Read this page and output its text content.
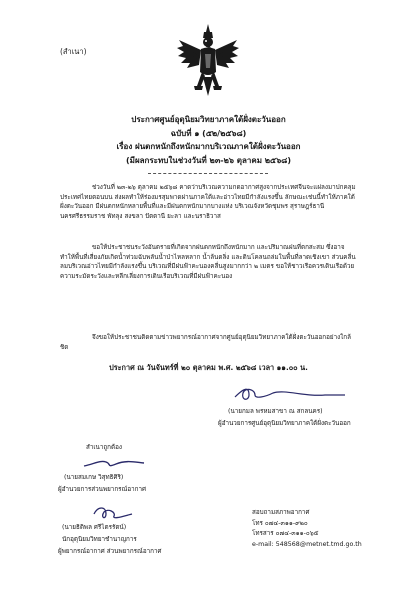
(สำเนา)
ประกาศศูนย์อุตุนิยมวิทยาภาคใต้ฝั่งตะวันออก
ฉบับที่ ๑ (๕๒/๒๕๖๘)
เรื่อง ฝนตกหนักถึงหนักมากบริเวณภาคใต้ฝั่งตะวันออก
(มีผลกระทบในช่วงวันที่ ๒๓-๒๖ ตุลาคม ๒๕๖๘)

ช่วงวันที่ ๒๓-๒๖ ตุลาคม ๒๕๖๘ คาดว่าบริเวณความกดอากาศสูงจากประเทศจีนจะแผ่ลงมาปกคลุมประเทศไทยตอนบน ส่งผลทำให้ร่องมรสุมพาดผ่านภาคใต้และอ่าวไทยมีกำลังแรงขึ้น ลักษณะเช่นนี้ทำให้ภาคใต้ฝั่งตะวันออก มีฝนตกหนักหลายพื้นที่และมีฝนตกหนักมากบางแห่ง บริเวณจังหวัดชุมพร สุราษฎร์ธานี นครศรีธรรมราช พัทลุง สงขลา ปัตตานี ยะลา และนราธิวาส

ขอให้ประชาชนระวังอันตรายที่เกิดจากฝนตกหนักถึงหนักมาก และปริมาณฝนที่ตกสะสม ซึ่งอาจทำให้พื้นที่เสี่ยงภัยเกิดน้ำท่วมฉับพลันน้ำป่าไหลหลาก น้ำล้นตลิ่ง และดินโคลนถล่มในพื้นที่ลาดเชิงเขา ส่วนคลื่นลมบริเวณอ่าวไทยมีกำลังแรงขึ้น บริเวณที่มีฝนฟ้าคะนองคลื่นสูงมากกว่า ๒ เมตร ขอให้ชาวเรือควรเดินเรือด้วยความระมัดระวังและหลีกเลี่ยงการเดินเรือบริเวณที่มีฝนฟ้าคะนอง

จึงขอให้ประชาชนติดตามข่าวพยากรณ์อากาศจากศูนย์อุตุนิยมวิทยาภาคใต้ฝั่งตะวันออกอย่างใกล้ชิด

ประกาศ ณ วันจันทร์ที่ ๒๐ ตุลาคม พ.ศ. ๒๕๖๘ เวลา ๑๑.๐๐ น.
(นายกมล พรหมสาขา ณ สกลนคร)
ผู้อำนวยการศูนย์อุตุนิยมวิทยาภาคใต้ฝั่งตะวันออก
สำเนาถูกต้อง
(นายสมเกษ วิสุทธิศิริ)
ผู้อำนวยการส่วนพยากรณ์อากาศ
(นายธิติพล ศรีไตรรัตน์)
นักอุตุนิยมวิทยาชำนาญการ
ผู้พยากรณ์อากาศ ส่วนพยากรณ์อากาศ
สอบถามสภาพอากาศ
โทร ๐๗๔-๓๑๑-๙๒๐
โทรสาร ๐๗๔-๓๑๑-๐๖๕
e-mail: 548568@metnet.tmd.go.th
